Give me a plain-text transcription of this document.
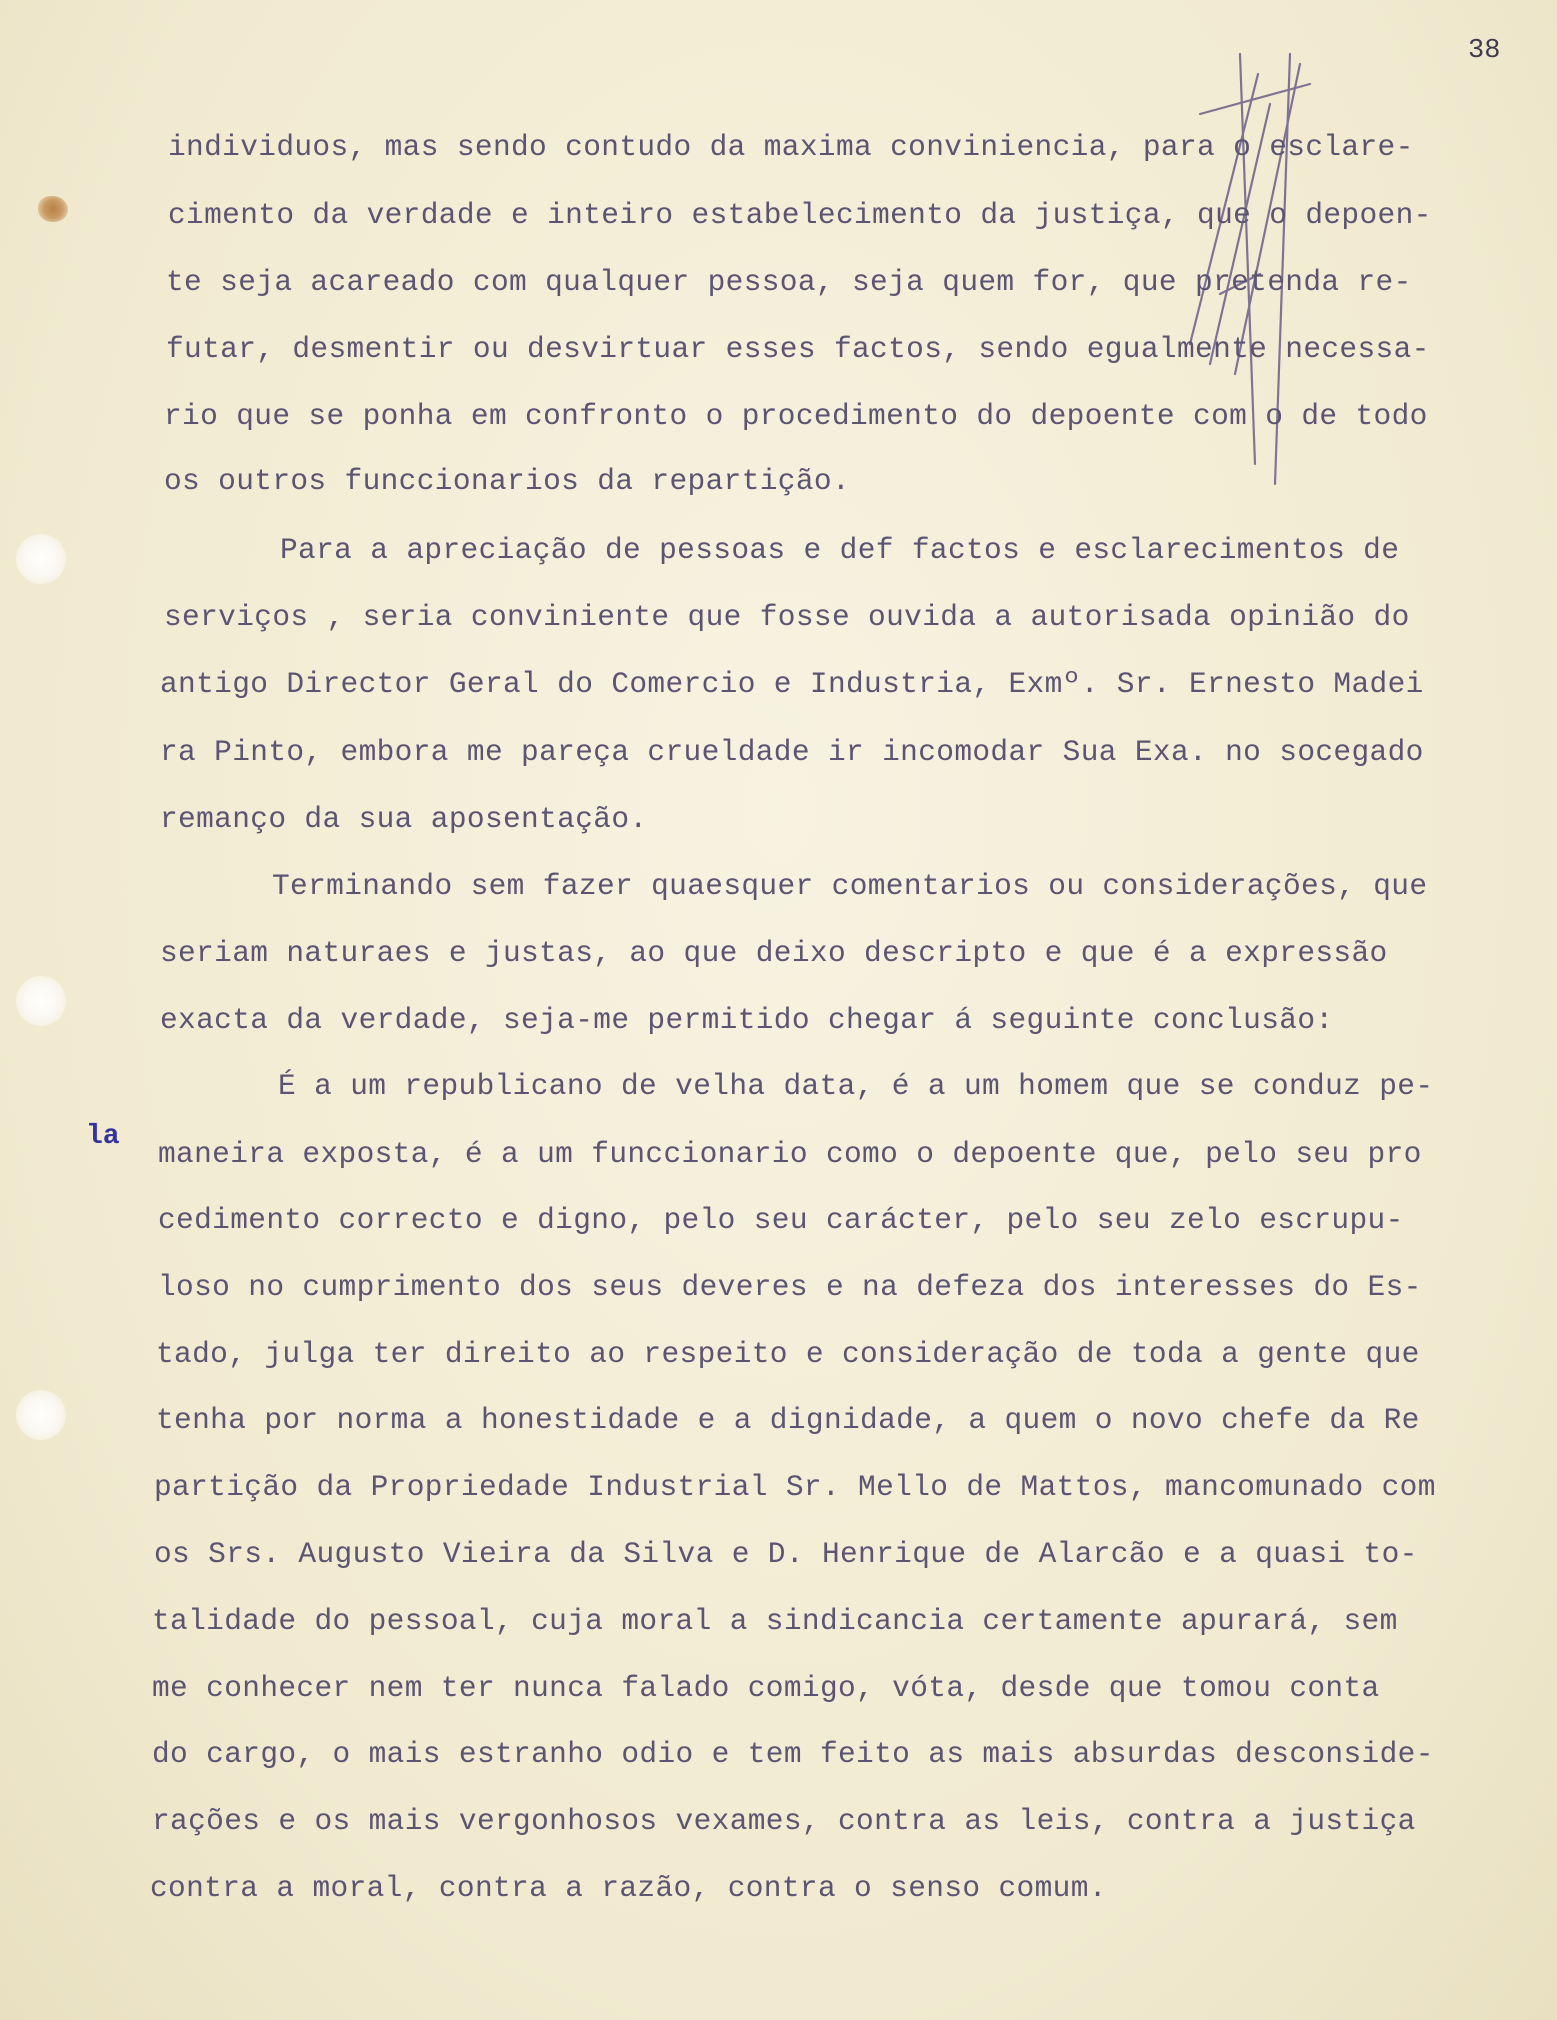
38
la
individuos, mas sendo contudo da maxima conviniencia, para o esclare-
cimento da verdade e inteiro estabelecimento da justiça, que o depoen-
te seja acareado com qualquer pessoa, seja quem for, que pretenda re-
futar, desmentir ou desvirtuar esses factos, sendo egualmente necessa-
rio que se ponha em confronto o procedimento do depoente com o de todo
os outros funccionarios da repartição.
Para a apreciação de pessoas e def factos e esclarecimentos de
serviços , seria conviniente que fosse ouvida a autorisada opinião do
antigo Director Geral do Comercio e Industria, Exmº. Sr. Ernesto Madei
ra Pinto, embora me pareça crueldade ir incomodar Sua Exa. no socegado
remanço da sua aposentação.
Terminando sem fazer quaesquer comentarios ou considerações, que
seriam naturaes e justas, ao que deixo descripto e que é a expressão
exacta da verdade, seja-me permitido chegar á seguinte conclusão:
É a um republicano de velha data, é a um homem que se conduz pe-
maneira exposta, é a um funccionario como o depoente que, pelo seu pro
cedimento correcto e digno, pelo seu carácter, pelo seu zelo escrupu-
loso no cumprimento dos seus deveres e na defeza dos interesses do Es-
tado, julga ter direito ao respeito e consideração de toda a gente que
tenha por norma a honestidade e a dignidade, a quem o novo chefe da Re
partição da Propriedade Industrial Sr. Mello de Mattos, mancomunado com
os Srs. Augusto Vieira da Silva e D. Henrique de Alarcão e a quasi to-
talidade do pessoal, cuja moral a sindicancia certamente apurará, sem
me conhecer nem ter nunca falado comigo, vóta, desde que tomou conta
do cargo, o mais estranho odio e tem feito as mais absurdas desconside-
rações e os mais vergonhosos vexames, contra as leis, contra a justiça
contra a moral, contra a razão, contra o senso comum.
